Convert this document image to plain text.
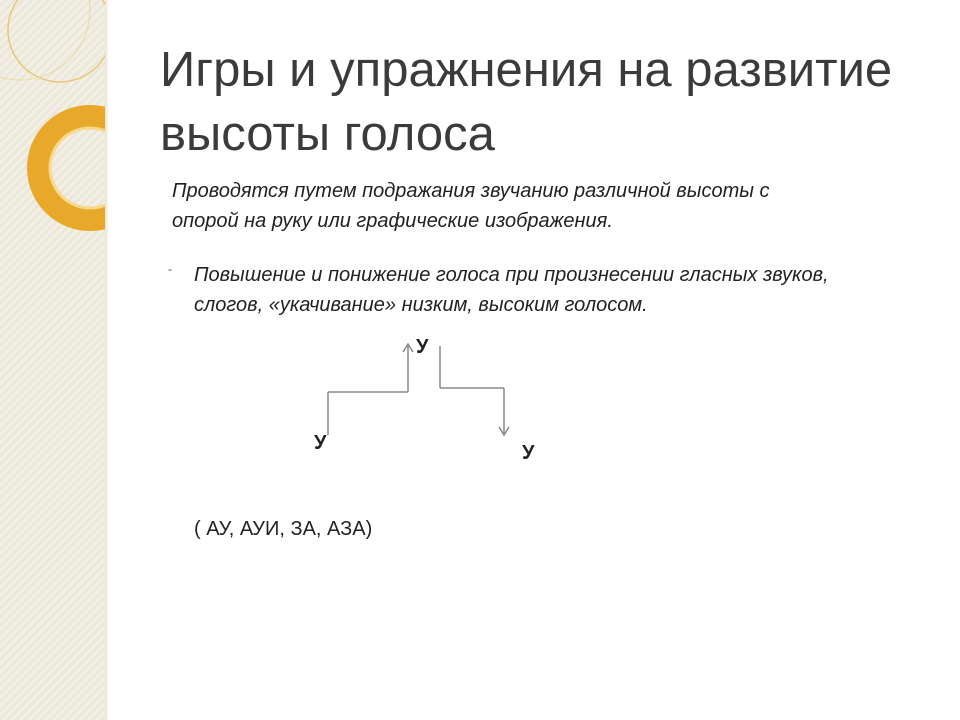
Игры и упражнения на развитие высоты голоса

Проводятся путем подражания звучанию различной высоты с опорой на руку или графические изображения.

- Повышение и понижение голоса при произнесении гласных звуков, слогов, «укачивание» низким, высоким голосом.

У
У
У
( АУ, АУИ, ЗА, АЗА)
